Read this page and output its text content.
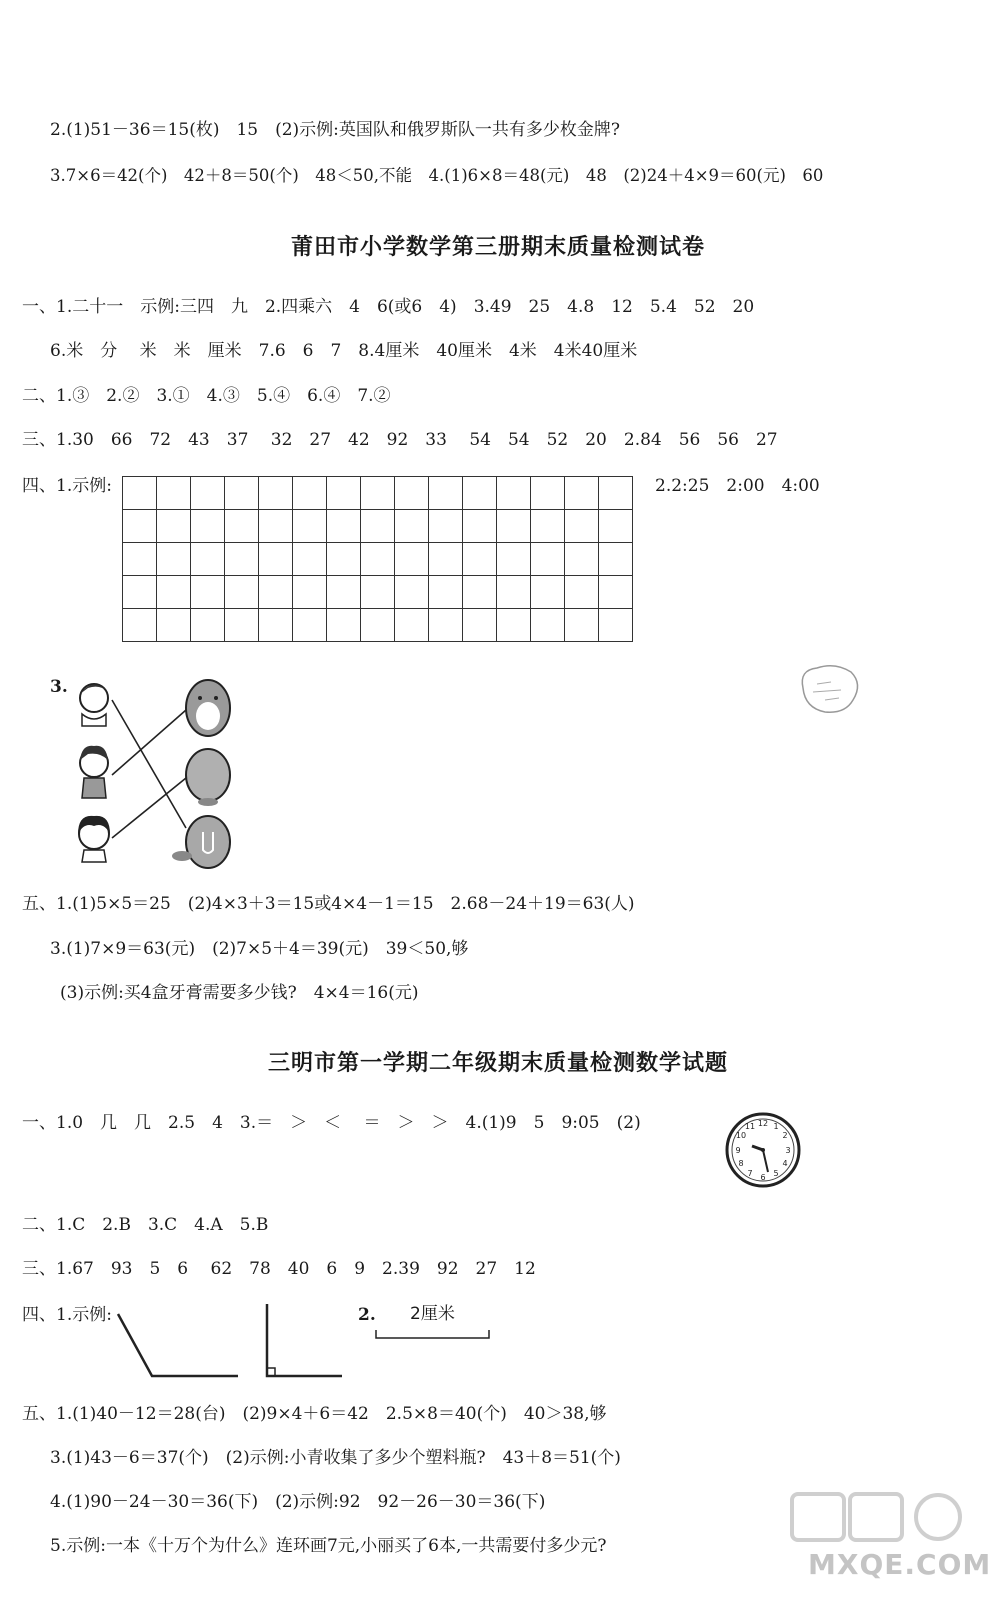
2.(1)51－36＝15(枚)　15　(2)示例:英国队和俄罗斯队一共有多少枚金牌?
3.7×6＝42(个)　42＋8＝50(个)　48＜50,不能　4.(1)6×8＝48(元)　48　(2)24＋4×9＝60(元)　60
莆田市小学数学第三册期末质量检测试卷
一、1.二十一　示例:三四　九　2.四乘六　4　6(或6　4)　3.49　25　4.8　12　5.4　52　20
6.米　分　 米　米　厘米　7.6　6　7　8.4厘米　40厘米　4米　4米40厘米
二、1.③　2.②　3.①　4.③　5.④　6.④　7.②
三、1.30　66　72　43　37　 32　27　42　92　33　 54　54　52　20　2.84　56　56　27
四、1.示例:	2.2:25　2:00　4:00

3.
五、1.(1)5×5＝25　(2)4×3＋3＝15或4×4－1＝15　2.68－24＋19＝63(人)
3.(1)7×9＝63(元)　(2)7×5＋4＝39(元)　39＜50,够
(3)示例:买4盒牙膏需要多少钱?　4×4＝16(元)
三明市第一学期二年级期末质量检测数学试题
一、1.0　几　几　2.5　4　3.＝　＞　＜　 ＝　＞　＞　4.(1)9　5　9:05　(2)	12 1
2
3
4
5
6
7
8
9
10
11
二、1.C　2.B　3.C　4.A　5.B
三、1.67　93　5　6　 62　78　40　6　9　2.39　92　27　12
四、1.示例:	2. 2厘米
五、1.(1)40－12＝28(台)　(2)9×4＋6＝42　2.5×8＝40(个)　40＞38,够
3.(1)43－6＝37(个)　(2)示例:小青收集了多少个塑料瓶?　43＋8＝51(个)
4.(1)90－24－30＝36(下)　(2)示例:92　92－26－30＝36(下)
5.示例:一本《十万个为什么》连环画7元,小丽买了6本,一共需要付多少元?
MXQE.COM
